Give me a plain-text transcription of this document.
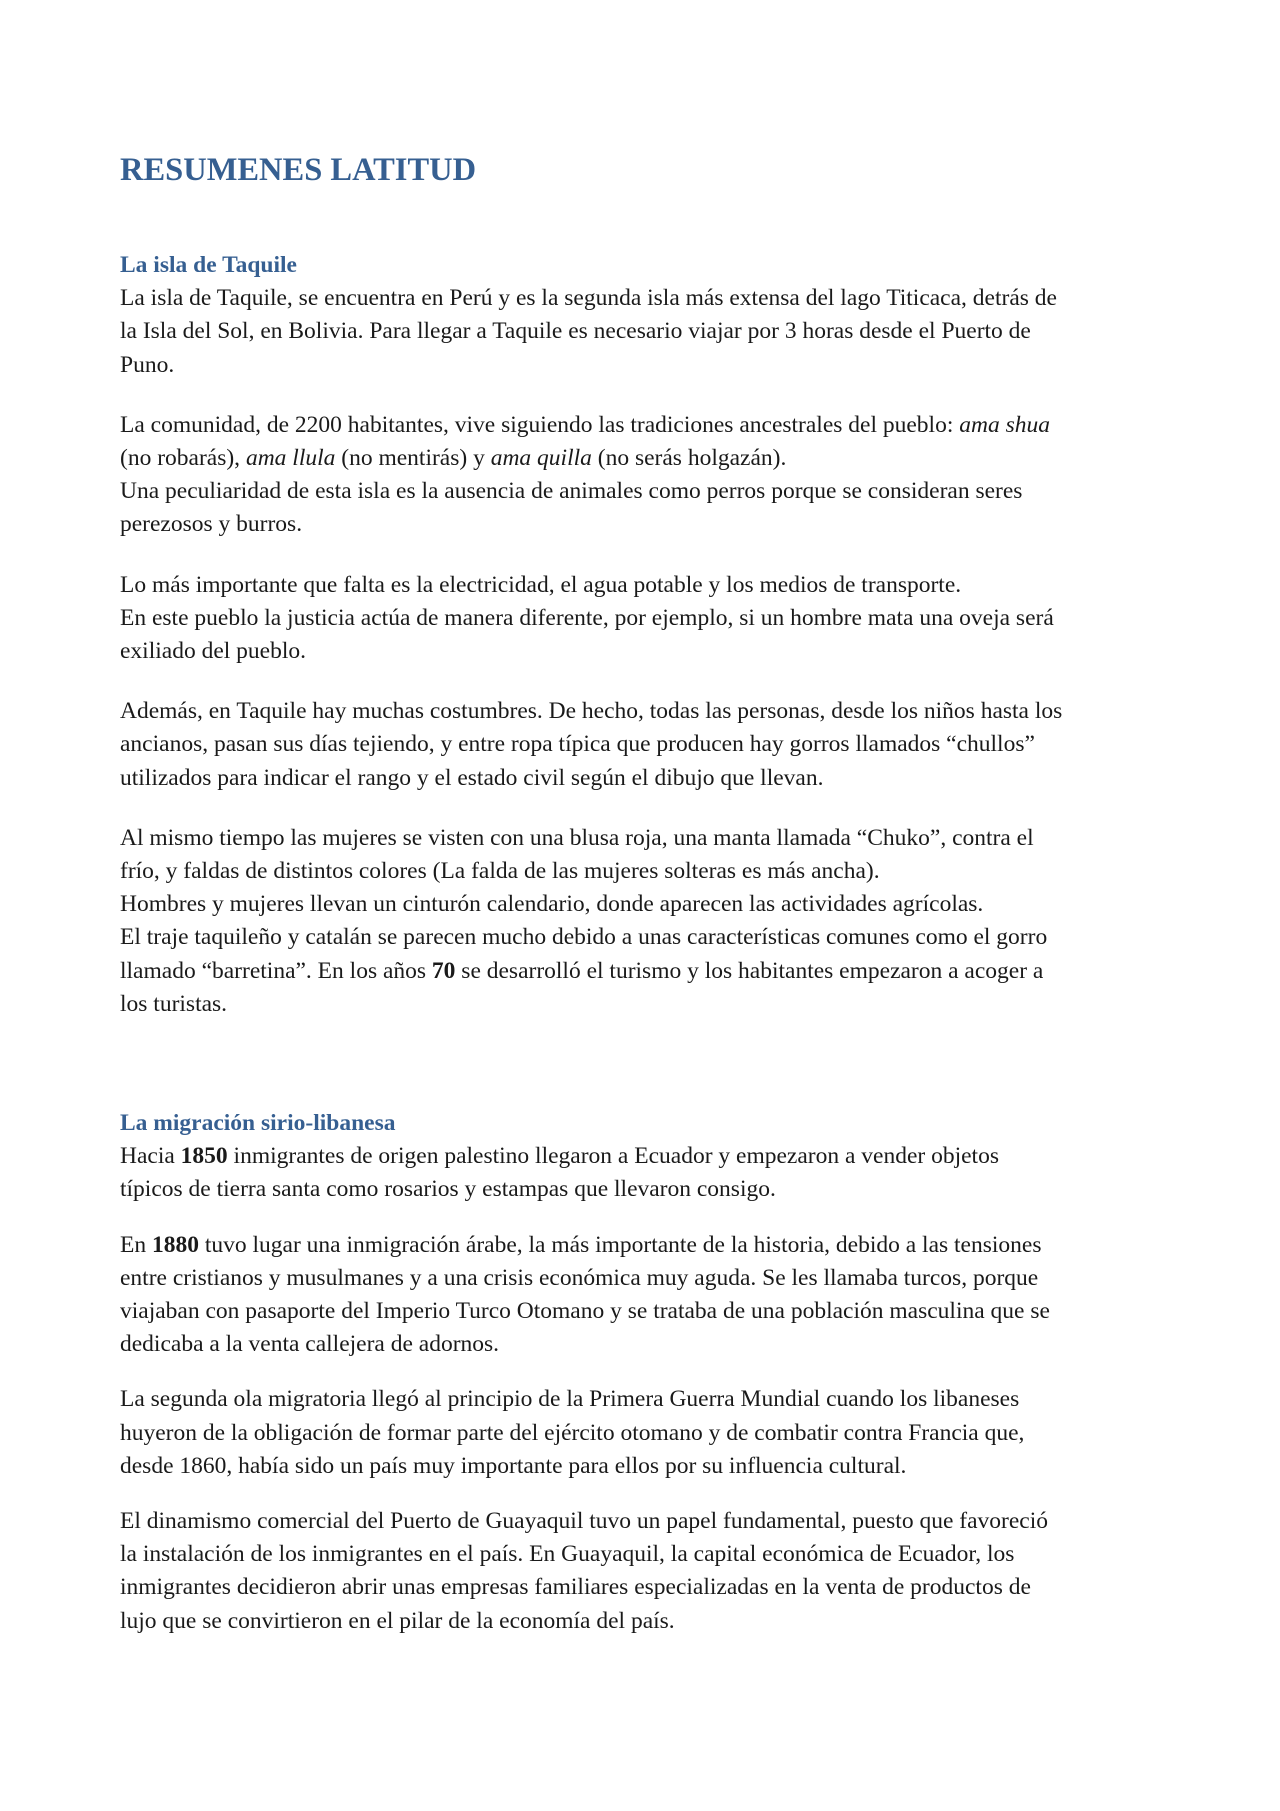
RESUMENES LATITUD
La isla de Taquile

La isla de Taquile, se encuentra en Perú y es la segunda isla más extensa del lago Titicaca, detrás de
la Isla del Sol, en Bolivia. Para llegar a Taquile es necesario viajar por 3 horas desde el Puerto de
Puno.

La comunidad, de 2200 habitantes, vive siguiendo las tradiciones ancestrales del pueblo: ama shua
(no robarás), ama llula (no mentirás) y ama quilla (no serás holgazán).
Una peculiaridad de esta isla es la ausencia de animales como perros porque se consideran seres
perezosos y burros.

Lo más importante que falta es la electricidad, el agua potable y los medios de transporte.
En este pueblo la justicia actúa de manera diferente, por ejemplo, si un hombre mata una oveja será
exiliado del pueblo.

Además, en Taquile hay muchas costumbres. De hecho, todas las personas, desde los niños hasta los
ancianos, pasan sus días tejiendo, y entre ropa típica que producen hay gorros llamados “chullos”
utilizados para indicar el rango y el estado civil según el dibujo que llevan.

Al mismo tiempo las mujeres se visten con una blusa roja, una manta llamada “Chuko”, contra el
frío, y faldas de distintos colores (La falda de las mujeres solteras es más ancha).
Hombres y mujeres llevan un cinturón calendario, donde aparecen las actividades agrícolas.
El traje taquileño y catalán se parecen mucho debido a unas características comunes como el gorro
llamado “barretina”. En los años 70 se desarrolló el turismo y los habitantes empezaron a acoger a
los turistas.

La migración sirio-libanesa

Hacia 1850 inmigrantes de origen palestino llegaron a Ecuador y empezaron a vender objetos
típicos de tierra santa como rosarios y estampas que llevaron consigo.

En 1880 tuvo lugar una inmigración árabe, la más importante de la historia, debido a las tensiones
entre cristianos y musulmanes y a una crisis económica muy aguda. Se les llamaba turcos, porque
viajaban con pasaporte del Imperio Turco Otomano y se trataba de una población masculina que se
dedicaba a la venta callejera de adornos.

La segunda ola migratoria llegó al principio de la Primera Guerra Mundial cuando los libaneses
huyeron de la obligación de formar parte del ejército otomano y de combatir contra Francia que,
desde 1860, había sido un país muy importante para ellos por su influencia cultural.

El dinamismo comercial del Puerto de Guayaquil tuvo un papel fundamental, puesto que favoreció
la instalación de los inmigrantes en el país. En Guayaquil, la capital económica de Ecuador, los
inmigrantes decidieron abrir unas empresas familiares especializadas en la venta de productos de
lujo que se convirtieron en el pilar de la economía del país.
